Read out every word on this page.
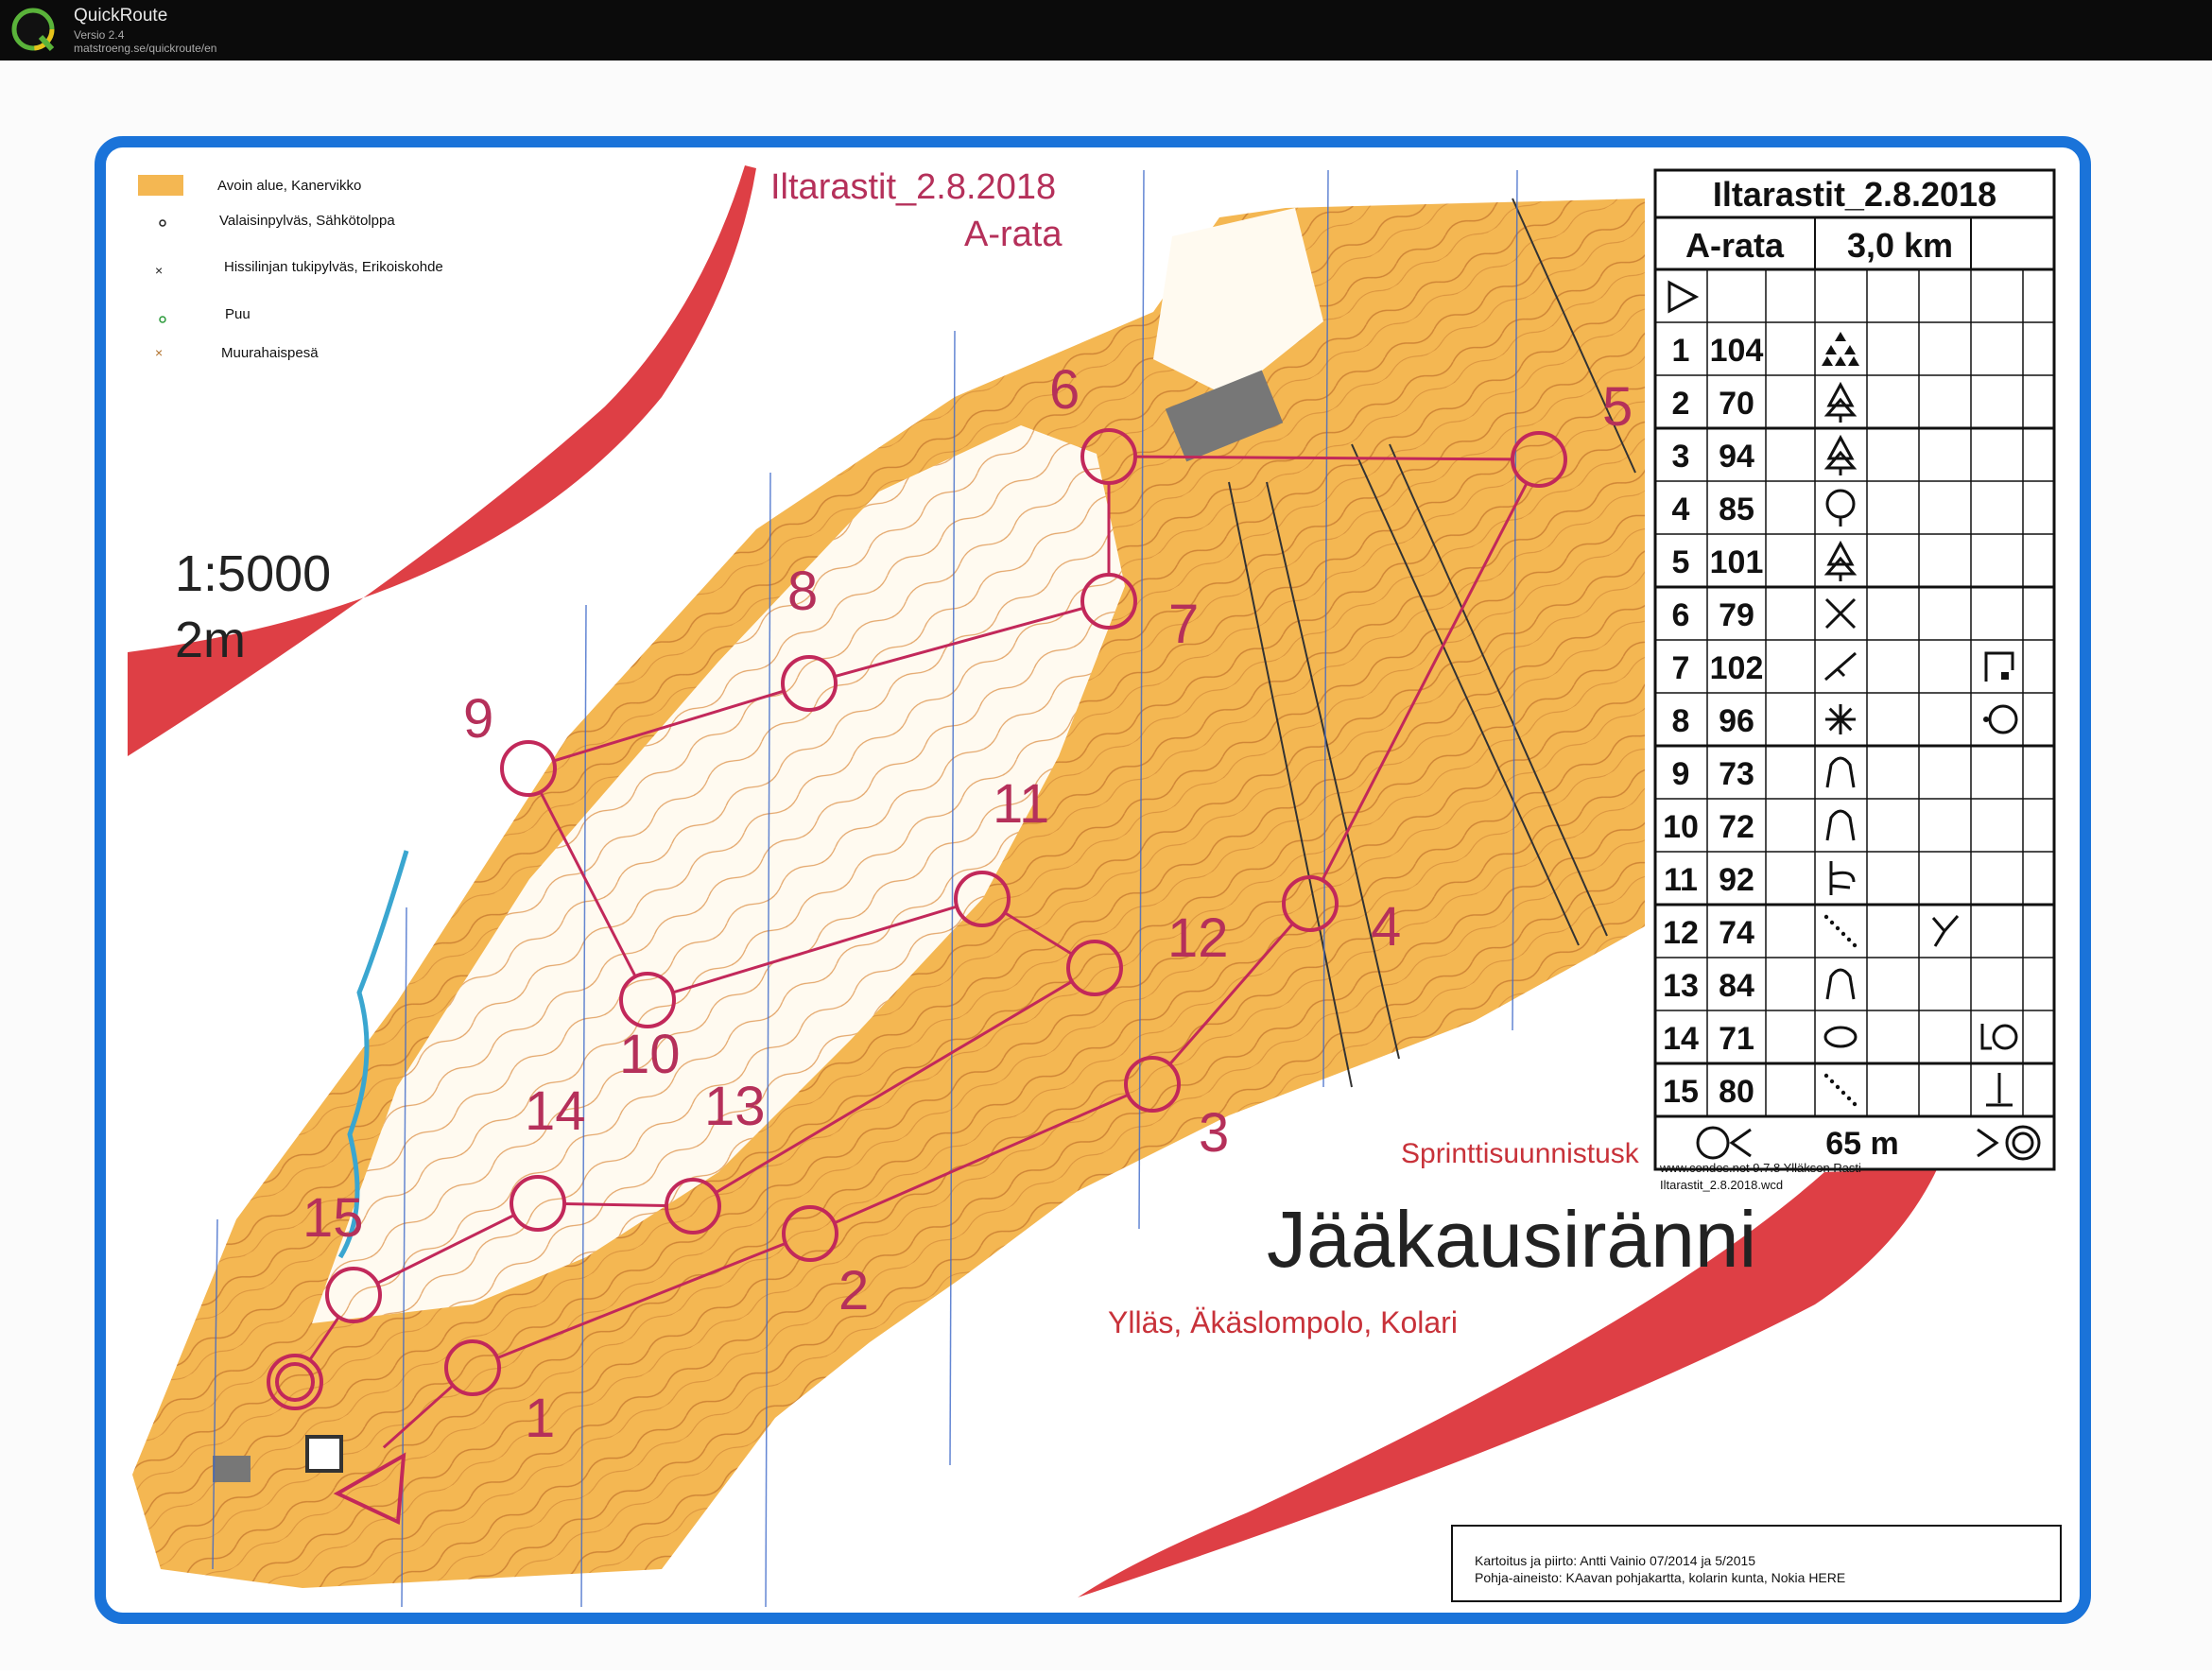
QuickRoute
Versio 2.4
matstroeng.se/quickroute/en
×
×
Avoin alue, Kanervikko
Valaisinpylväs, Sähkötolppa
Hissilinjan tukipylväs, Erikoiskohde
Puu
Muurahaispesä
Iltarastit_2.8.2018
A-rata
1:5000
2m
Jääkausiränni
Ylläs, Äkäslompolo, Kolari
Sprinttisuunnistusk
1
2
3
4
5
6
7
8
9
10
11
12
13
14
15
Iltarastit_2.8.2018
A-rata 3,0 km
1 104
2 70
3 94
4 85
5 101
6 79
7 102
8 96
9 73
10 72
11 92
12 74
13 84
14 71
15 80
65 m
www.condes.net 9.7.8 Ylläksen Rasti
Iltarastit_2.8.2018.wcd
Kartoitus ja piirto: Antti Vainio 07/2014 ja 5/2015
Pohja-aineisto: KAavan pohjakartta, kolarin kunta, Nokia HERE
